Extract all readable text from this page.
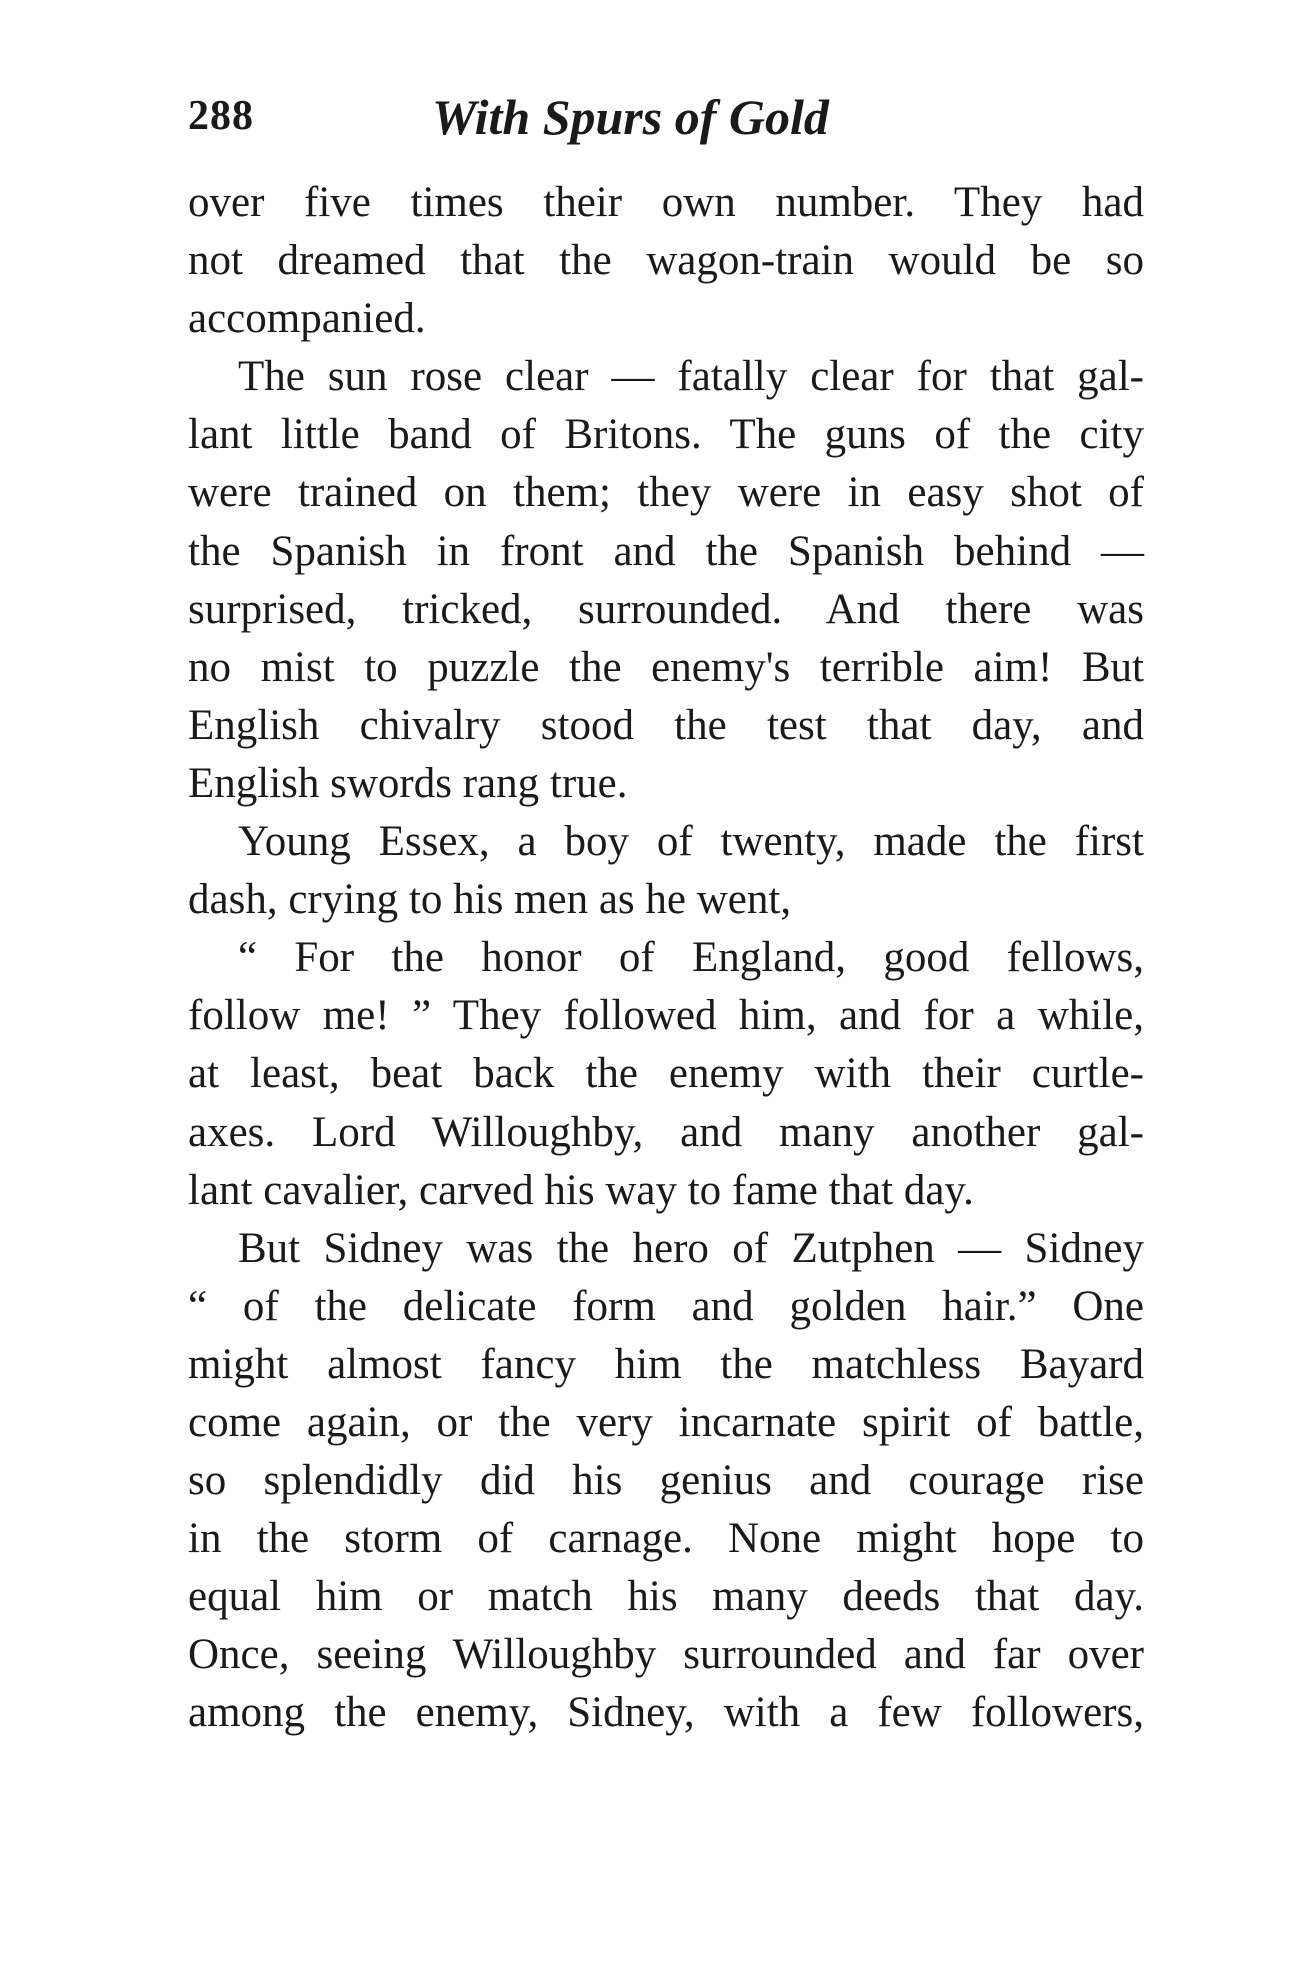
288	With Spurs of Gold
over five times their own number. They had
not dreamed that the wagon-train would be so
accompanied.
The sun rose clear — fatally clear for that gal-
lant little band of Britons. The guns of the city
were trained on them; they were in easy shot of
the Spanish in front and the Spanish behind —
surprised, tricked, surrounded. And there was
no mist to puzzle the enemy's terrible aim! But
English chivalry stood the test that day, and
English swords rang true.
Young Essex, a boy of twenty, made the first
dash, crying to his men as he went,
“ For the honor of England, good fellows,
follow me! ” They followed him, and for a while,
at least, beat back the enemy with their curtle-
axes. Lord Willoughby, and many another gal-
lant cavalier, carved his way to fame that day.
But Sidney was the hero of Zutphen — Sidney
“ of the delicate form and golden hair.” One
might almost fancy him the matchless Bayard
come again, or the very incarnate spirit of battle,
so splendidly did his genius and courage rise
in the storm of carnage. None might hope to
equal him or match his many deeds that day.
Once, seeing Willoughby surrounded and far over
among the enemy, Sidney, with a few followers,
